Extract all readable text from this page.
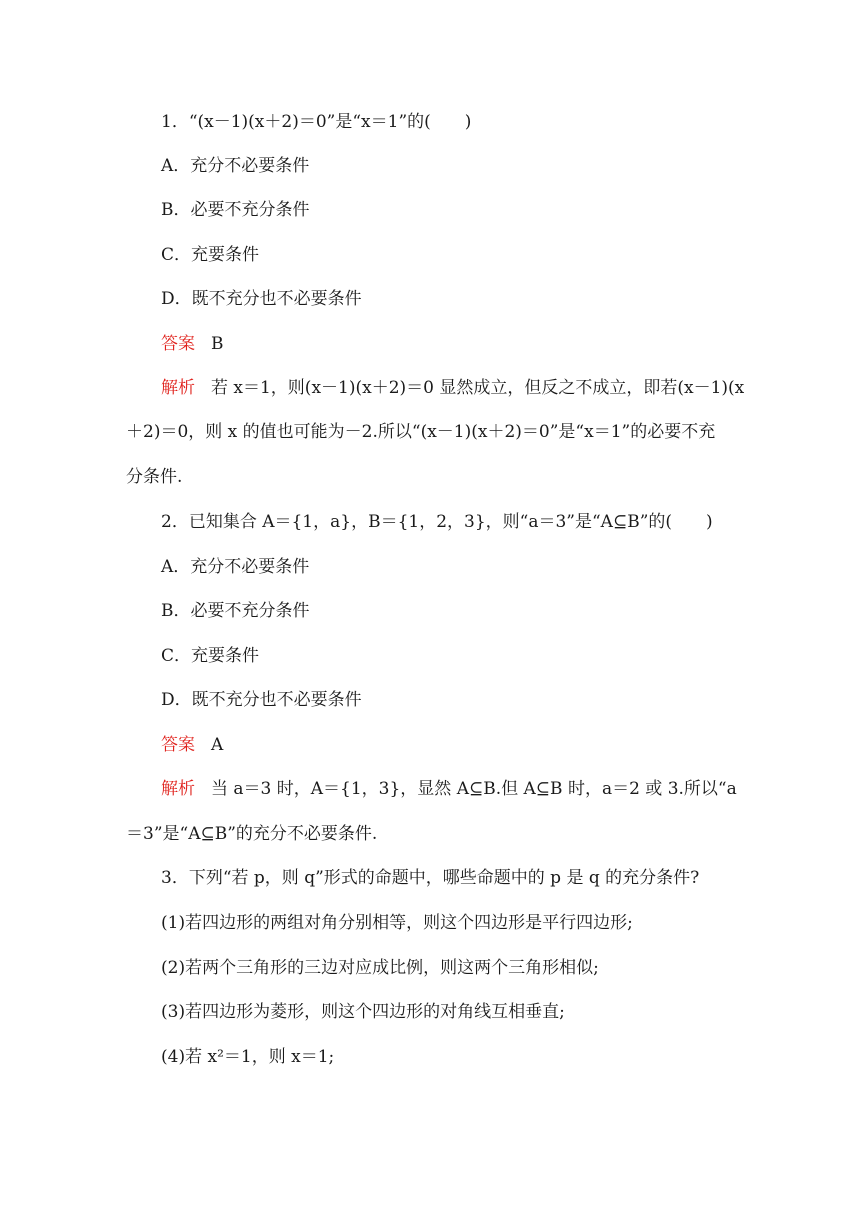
1．“(x－1)(x＋2)＝0”是“x＝1”的(　　)
A．充分不必要条件
B．必要不充分条件
C．充要条件
D．既不充分也不必要条件
答案 B
解析 若 x＝1，则(x－1)(x＋2)＝0 显然成立，但反之不成立，即若(x－1)(x
＋2)＝0，则 x 的值也可能为－2.所以“(x－1)(x＋2)＝0”是“x＝1”的必要不充
分条件.
2．已知集合 A＝{1，a}，B＝{1，2，3}，则“a＝3”是“A⊆B”的(　　)
A．充分不必要条件
B．必要不充分条件
C．充要条件
D．既不充分也不必要条件
答案 A
解析 当 a＝3 时，A＝{1，3}，显然 A⊆B.但 A⊆B 时，a＝2 或 3.所以“a
＝3”是“A⊆B”的充分不必要条件.
3．下列“若 p，则 q”形式的命题中，哪些命题中的 p 是 q 的充分条件?
(1)若四边形的两组对角分别相等，则这个四边形是平行四边形;
(2)若两个三角形的三边对应成比例，则这两个三角形相似;
(3)若四边形为菱形，则这个四边形的对角线互相垂直;
(4)若 x²＝1，则 x＝1;
